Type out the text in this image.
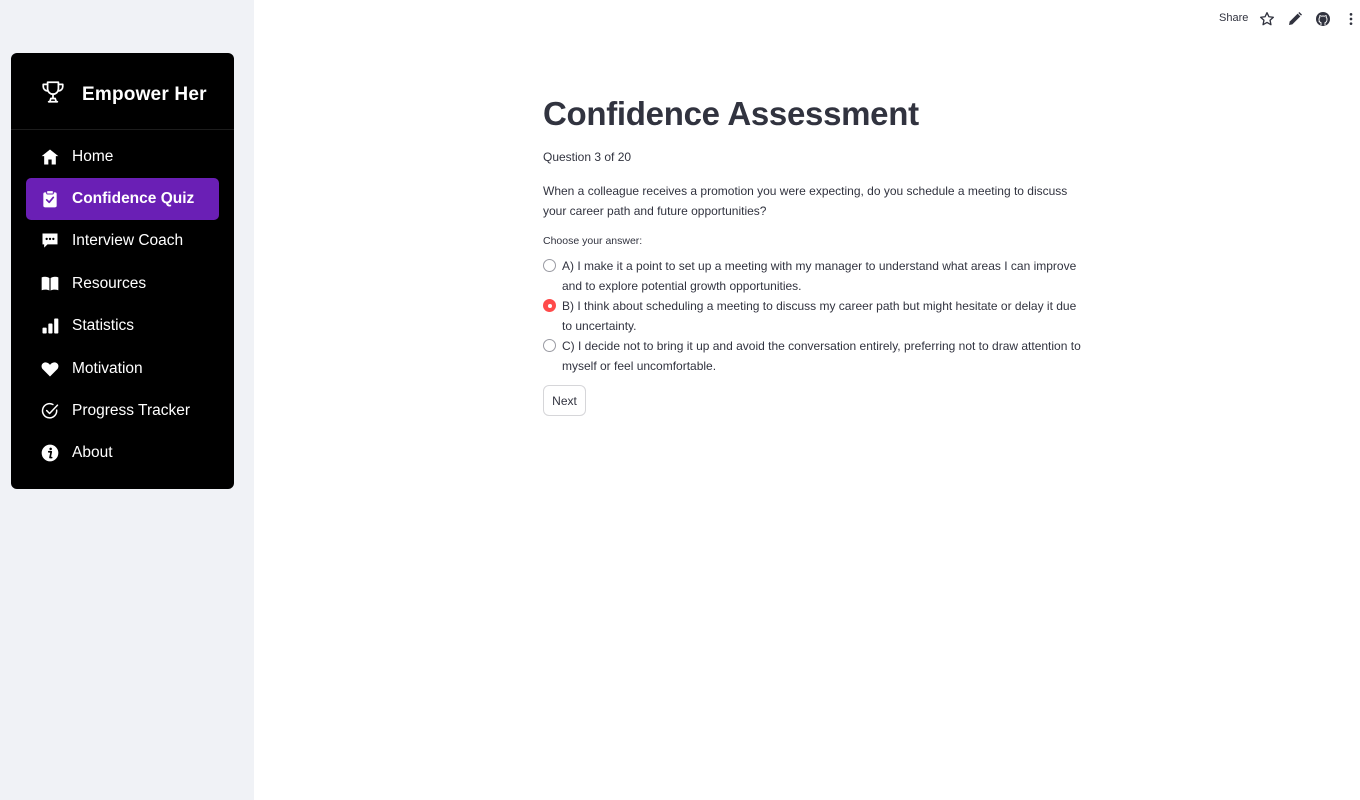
Empower Her
Home
Confidence Quiz
Interview Coach
Resources
Statistics
Motivation
Progress Tracker
About
Share
Confidence Assessment
Question 3 of 20
When a colleague receives a promotion you were expecting, do you schedule a meeting to discuss your career path and future opportunities?
Choose your answer:
A) I make it a point to set up a meeting with my manager to understand what areas I can improve and to explore potential growth opportunities.
B) I think about scheduling a meeting to discuss my career path but might hesitate or delay it due to uncertainty.
C) I decide not to bring it up and avoid the conversation entirely, preferring not to draw attention to myself or feel uncomfortable.
Next
